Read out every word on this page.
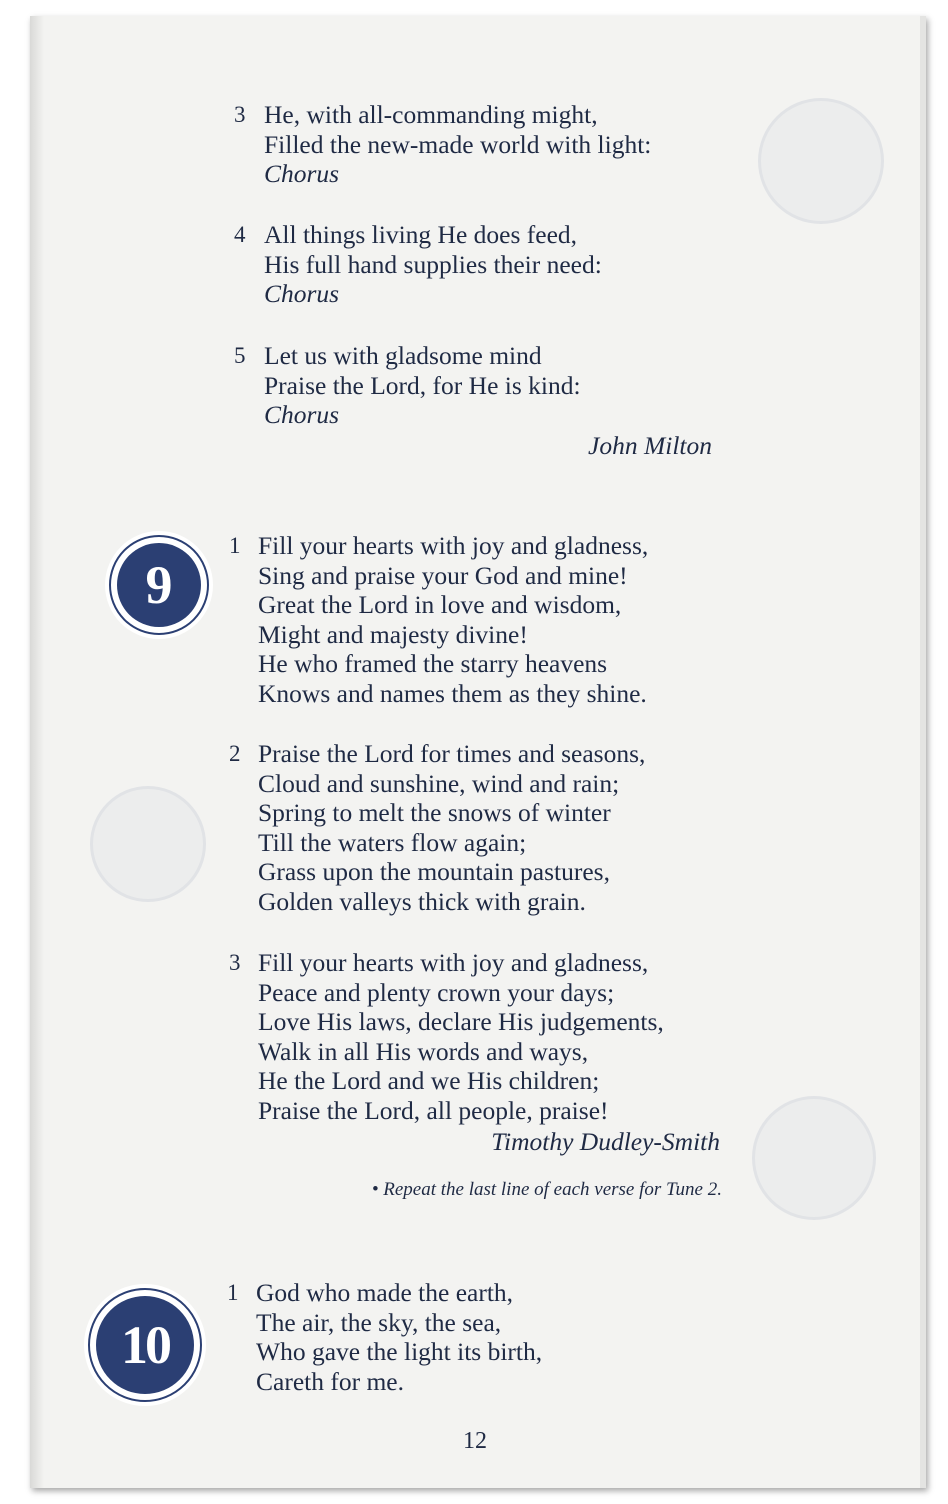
3 He, with all-commanding might,
Filled the new-made world with light:
Chorus
4 All things living He does feed,
His full hand supplies their need:
Chorus
5 Let us with gladsome mind
Praise the Lord, for He is kind:
Chorus
John Milton
9
1 Fill your hearts with joy and gladness,
Sing and praise your God and mine!
Great the Lord in love and wisdom,
Might and majesty divine!
He who framed the starry heavens
Knows and names them as they shine.
2 Praise the Lord for times and seasons,
Cloud and sunshine, wind and rain;
Spring to melt the snows of winter
Till the waters flow again;
Grass upon the mountain pastures,
Golden valleys thick with grain.
3 Fill your hearts with joy and gladness,
Peace and plenty crown your days;
Love His laws, declare His judgements,
Walk in all His words and ways,
He the Lord and we His children;
Praise the Lord, all people, praise!
Timothy Dudley-Smith
• Repeat the last line of each verse for Tune 2.
10
1 God who made the earth,
The air, the sky, the sea,
Who gave the light its birth,
Careth for me.
12
